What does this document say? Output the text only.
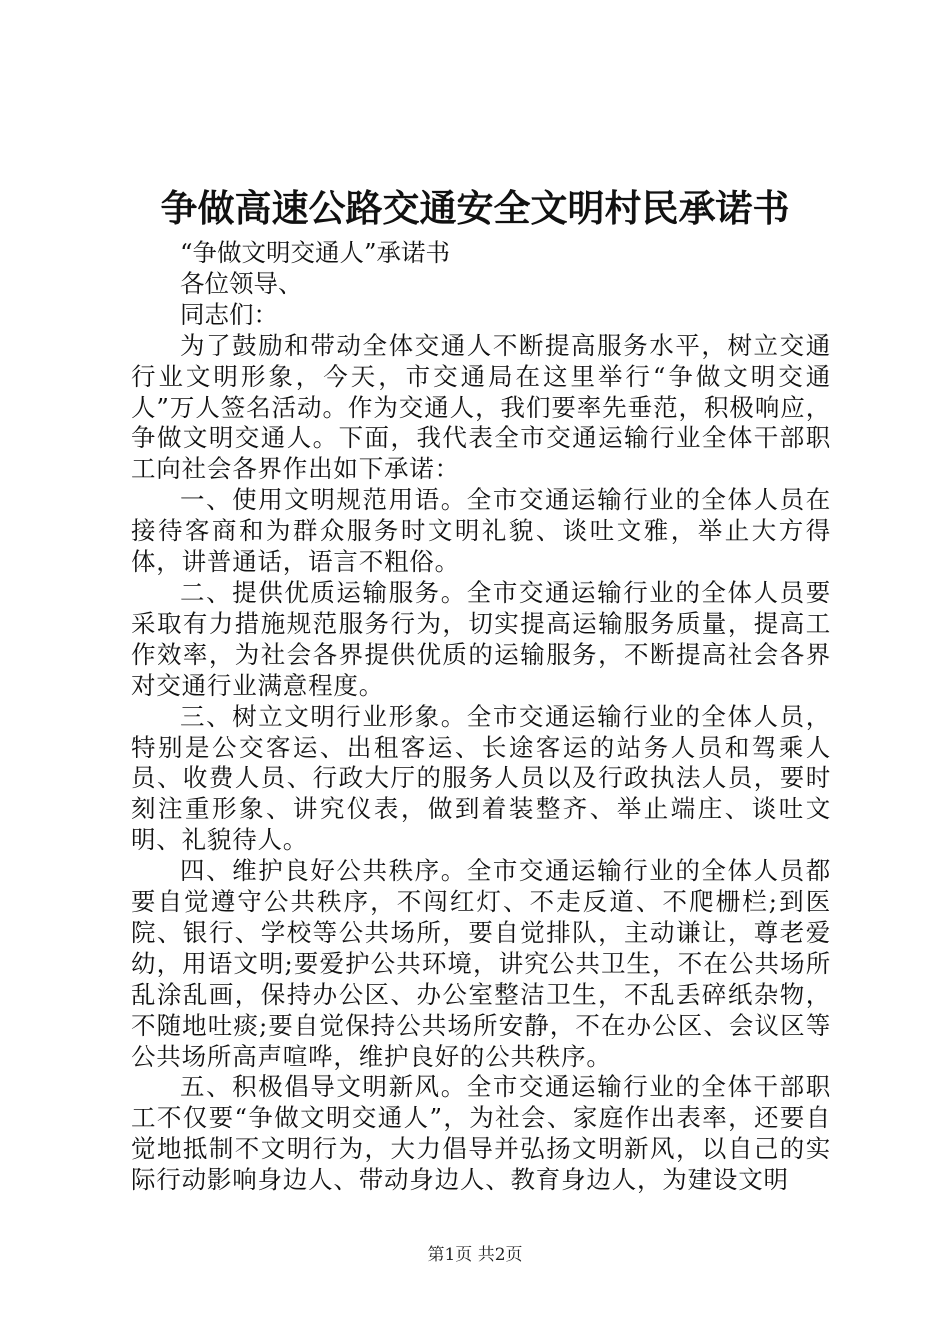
争做高速公路交通安全文明村民承诺书

“争做文明交通人”承诺书

各位领导、

同志们：

为了鼓励和带动全体交通人不断提高服务水平，树立交通行业文明形象，今天，市交通局在这里举行“争做文明交通人”万人签名活动。作为交通人，我们要率先垂范，积极响应，争做文明交通人。下面，我代表全市交通运输行业全体干部职工向社会各界作出如下承诺：

一、使用文明规范用语。全市交通运输行业的全体人员在接待客商和为群众服务时文明礼貌、谈吐文雅，举止大方得体，讲普通话，语言不粗俗。

二、提供优质运输服务。全市交通运输行业的全体人员要采取有力措施规范服务行为，切实提高运输服务质量，提高工作效率，为社会各界提供优质的运输服务，不断提高社会各界对交通行业满意程度。

三、树立文明行业形象。全市交通运输行业的全体人员，特别是公交客运、出租客运、长途客运的站务人员和驾乘人员、收费人员、行政大厅的服务人员以及行政执法人员，要时刻注重形象、讲究仪表，做到着装整齐、举止端庄、谈吐文明、礼貌待人。

四、维护良好公共秩序。全市交通运输行业的全体人员都要自觉遵守公共秩序，不闯红灯、不走反道、不爬栅栏;到医院、银行、学校等公共场所，要自觉排队，主动谦让，尊老爱幼，用语文明;要爱护公共环境，讲究公共卫生，不在公共场所乱涂乱画，保持办公区、办公室整洁卫生，不乱丢碎纸杂物，不随地吐痰;要自觉保持公共场所安静，不在办公区、会议区等公共场所高声喧哗，维护良好的公共秩序。

五、积极倡导文明新风。全市交通运输行业的全体干部职工不仅要“争做文明交通人”，为社会、家庭作出表率，还要自觉地抵制不文明行为，大力倡导并弘扬文明新风，以自己的实际行动影响身边人、带动身边人、教育身边人，为建设文明

第1页 共2页
